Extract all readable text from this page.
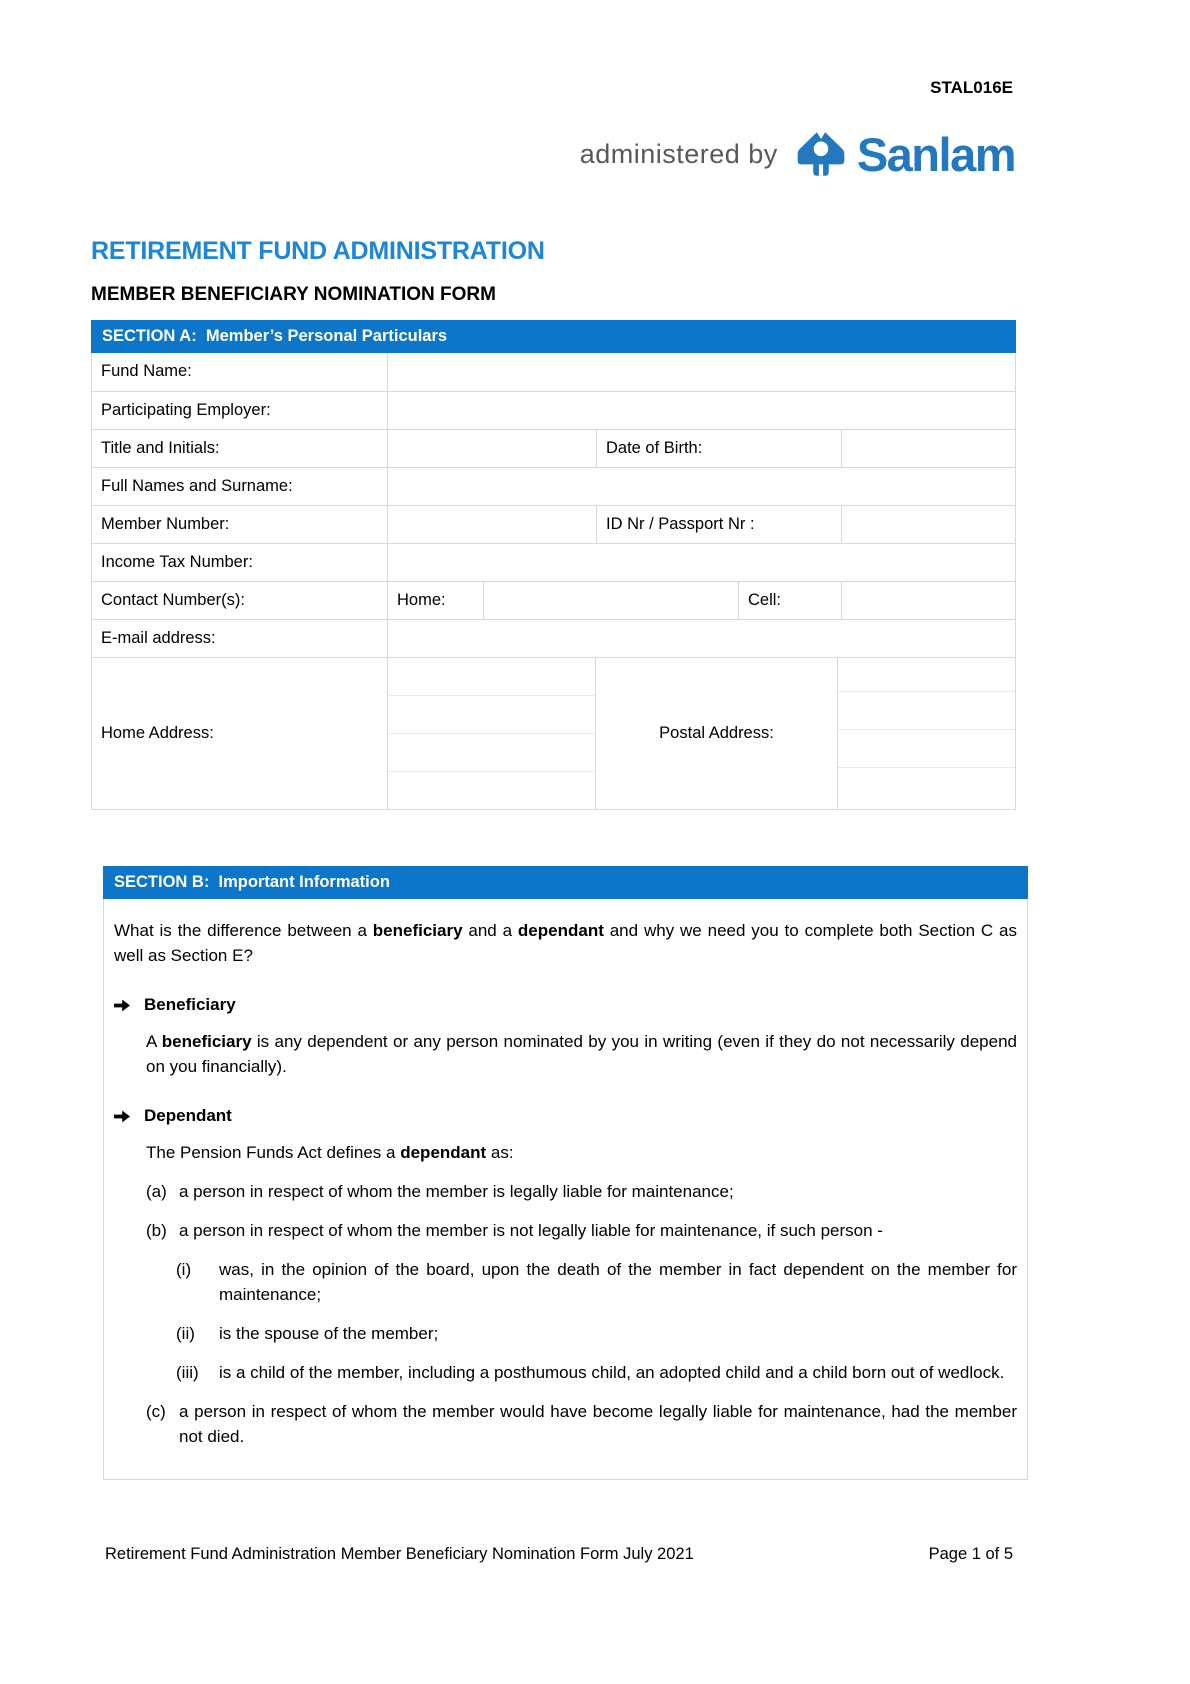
STAL016E
administered by Sanlam
RETIREMENT FUND ADMINISTRATION
MEMBER BENEFICIARY NOMINATION FORM
SECTION A:  Member’s Personal Particulars
Fund Name:
Participating Employer:
Title and Initials:	Date of Birth:
Full Names and Surname:
Member Number:	ID Nr / Passport Nr :
Income Tax Number:
Contact Number(s):	Home:	Cell:
E-mail address:
Home Address:	Postal Address:
SECTION B:  Important Information
What is the difference between a beneficiary and a dependant and why we need you to complete both Section C as well as Section E?
Beneficiary
A beneficiary is any dependent or any person nominated by you in writing (even if they do not necessarily depend on you financially).
Dependant
The Pension Funds Act defines a dependant as:
(a) a person in respect of whom the member is legally liable for maintenance;
(b) a person in respect of whom the member is not legally liable for maintenance, if such person -
(i)	was, in the opinion of the board, upon the death of the member in fact dependent on the member for maintenance;
(ii)	is the spouse of the member;
(iii)	is a child of the member, including a posthumous child, an adopted child and a child born out of wedlock.
(c) a person in respect of whom the member would have become legally liable for maintenance, had the member not died.
Retirement Fund Administration Member Beneficiary Nomination Form July 2021	Page 1 of 5
